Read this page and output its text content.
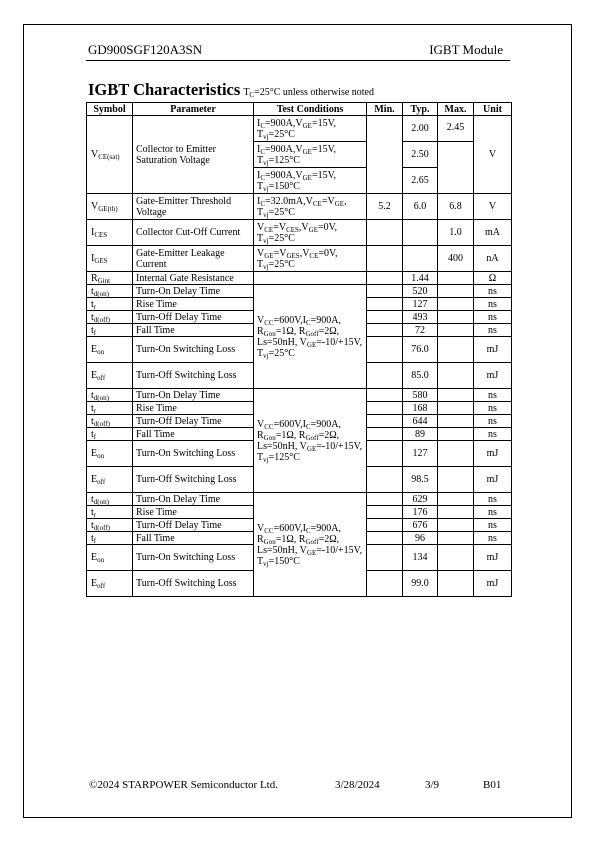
GD900SGF120A3SN	IGBT Module
IGBT Characteristics $T_C=25^\circ C$ unless otherwise noted
Symbol	Parameter	Test Conditions	Min.	Typ.	Max.	Unit
$V_{CE(sat)}$	Collector to Emitter Saturation Voltage	$I_C=900A,V_{GE}=15V$, $T_{vj}=25^\circ C$		2.00	2.45	V
		$I_C=900A,V_{GE}=15V$, $T_{vj}=125^\circ C$		2.50		
		$I_C=900A,V_{GE}=15V$, $T_{vj}=150^\circ C$		2.65		
$V_{GE(th)}$	Gate-Emitter Threshold Voltage	$I_C=32.0mA,V_{CE}=V_{GE}$, $T_{vj}=25^\circ C$	5.2	6.0	6.8	V
$I_{CES}$	Collector Cut-Off Current	$V_{CE}=V_{CES},V_{GE}=0V$, $T_{vj}=25^\circ C$			1.0	mA
$I_{GES}$	Gate-Emitter Leakage Current	$V_{GE}=V_{GES},V_{CE}=0V$, $T_{vj}=25^\circ C$			400	nA
$R_{Gint}$	Internal Gate Resistance			1.44		Ω
$t_{d(on)}$	Turn-On Delay Time	$V_{CC}=600V,I_C=900A$, $R_{Gon}=1\Omega$, $R_{Goff}=2\Omega$, Ls=50nH, $V_{GE}=-10/+15V$, $T_{vj}=25^\circ C$		520		ns
$t_r$	Rise Time			127		ns
$t_{d(off)}$	Turn-Off Delay Time			493		ns
$t_f$	Fall Time			72		ns
$E_{on}$	Turn-On Switching Loss			76.0		mJ
$E_{off}$	Turn-Off Switching Loss			85.0		mJ
$t_{d(on)}$	Turn-On Delay Time	$V_{CC}=600V,I_C=900A$, $R_{Gon}=1\Omega$, $R_{Goff}=2\Omega$, Ls=50nH, $V_{GE}=-10/+15V$, $T_{vj}=125^\circ C$		580		ns
$t_r$	Rise Time			168		ns
$t_{d(off)}$	Turn-Off Delay Time			644		ns
$t_f$	Fall Time			89		ns
$E_{on}$	Turn-On Switching Loss			127		mJ
$E_{off}$	Turn-Off Switching Loss			98.5		mJ
$t_{d(on)}$	Turn-On Delay Time	$V_{CC}=600V,I_C=900A$, $R_{Gon}=1\Omega$, $R_{Goff}=2\Omega$, Ls=50nH, $V_{GE}=-10/+15V$, $T_{vj}=150^\circ C$		629		ns
$t_r$	Rise Time			176		ns
$t_{d(off)}$	Turn-Off Delay Time			676		ns
$t_f$	Fall Time			96		ns
$E_{on}$	Turn-On Switching Loss			134		mJ
$E_{off}$	Turn-Off Switching Loss			99.0		mJ
©2024 STARPOWER Semiconductor Ltd.	3/28/2024	3/9	B01
